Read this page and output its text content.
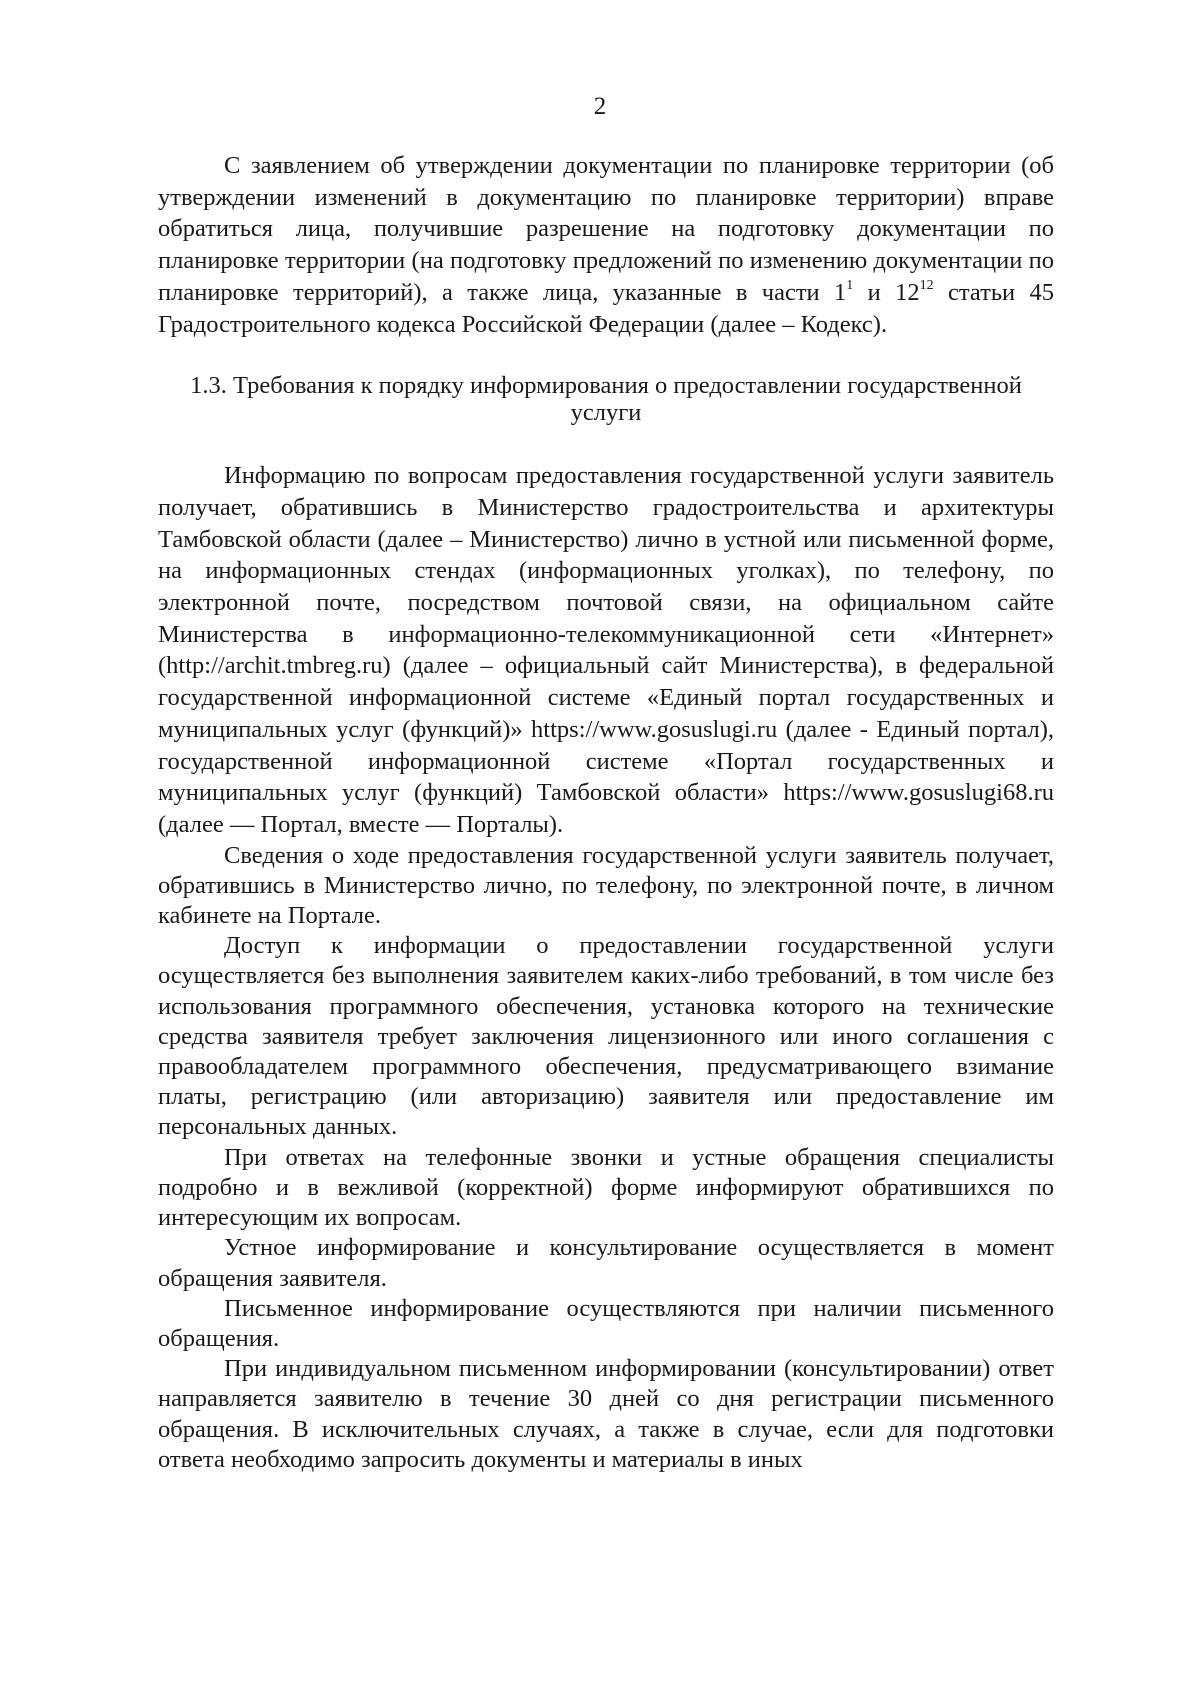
2

С заявлением об утверждении документации по планировке территории (об утверждении изменений в документацию по планировке территории) вправе обратиться лица, получившие разрешение на подготовку документации по планировке территории (на подготовку предложений по изменению документации по планировке территорий), а также лица, указанные в части $1^1$ и $12^{12}$ статьи 45 Градостроительного кодекса Российской Федерации (далее – Кодекс).

1.3. Требования к порядку информирования о предоставлении государственной услуги

Информацию по вопросам предоставления государственной услуги заявитель получает, обратившись в Министерство градостроительства и архитектуры Тамбовской области (далее – Министерство) лично в устной или письменной форме, на информационных стендах (информационных уголках), по телефону, по электронной почте, посредством почтовой связи, на официальном сайте Министерства в информационно-телекоммуникационной сети «Интернет» (http://archit.tmbreg.ru) (далее – официальный сайт Министерства), в федеральной государственной информационной системе «Единый портал государственных и муниципальных услуг (функций)» https://www.gosuslugi.ru (далее - Единый портал), государственной информационной системе «Портал государственных и муниципальных услуг (функций) Тамбовской области» https://www.gosuslugi68.ru (далее — Портал, вместе — Порталы).

Сведения о ходе предоставления государственной услуги заявитель получает, обратившись в Министерство лично, по телефону, по электронной почте, в личном кабинете на Портале.

Доступ к информации о предоставлении государственной услуги осуществляется без выполнения заявителем каких-либо требований, в том числе без использования программного обеспечения, установка которого на технические средства заявителя требует заключения лицензионного или иного соглашения с правообладателем программного обеспечения, предусматривающего взимание платы, регистрацию (или авторизацию) заявителя или предоставление им персональных данных.

При ответах на телефонные звонки и устные обращения специалисты подробно и в вежливой (корректной) форме информируют обратившихся по интересующим их вопросам.

Устное информирование и консультирование осуществляется в момент обращения заявителя.

Письменное информирование осуществляются при наличии письменного обращения.

При индивидуальном письменном информировании (консультировании) ответ направляется заявителю в течение 30 дней со дня регистрации письменного обращения. В исключительных случаях, а также в случае, если для подготовки ответа необходимо запросить документы и материалы в иных
